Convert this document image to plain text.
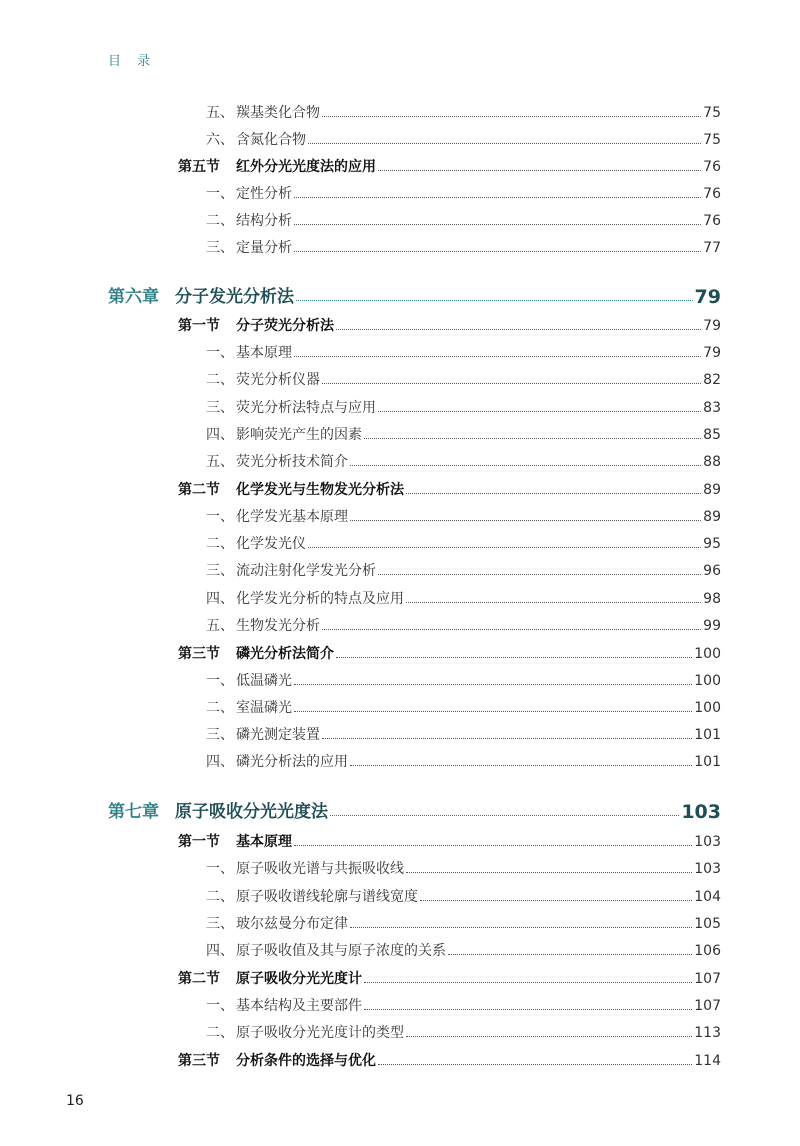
目 录
五、 羰基类化合物	75
六、 含氮化合物	75
第五节 红外分光光度法的应用	76
一、 定性分析	76
二、 结构分析	76
三、 定量分析	77
第六章 分子发光分析法	79
第一节 分子荧光分析法	79
一、 基本原理	79
二、 荧光分析仪器	82
三、 荧光分析法特点与应用	83
四、 影响荧光产生的因素	85
五、 荧光分析技术简介	88
第二节 化学发光与生物发光分析法	89
一、 化学发光基本原理	89
二、 化学发光仪	95
三、 流动注射化学发光分析	96
四、 化学发光分析的特点及应用	98
五、 生物发光分析	99
第三节 磷光分析法简介	100
一、 低温磷光	100
二、 室温磷光	100
三、 磷光测定装置	101
四、 磷光分析法的应用	101
第七章 原子吸收分光光度法	103
第一节 基本原理	103
一、 原子吸收光谱与共振吸收线	103
二、 原子吸收谱线轮廓与谱线宽度	104
三、 玻尔兹曼分布定律	105
四、 原子吸收值及其与原子浓度的关系	106
第二节 原子吸收分光光度计	107
一、 基本结构及主要部件	107
二、 原子吸收分光光度计的类型	113
第三节 分析条件的选择与优化	114
16
